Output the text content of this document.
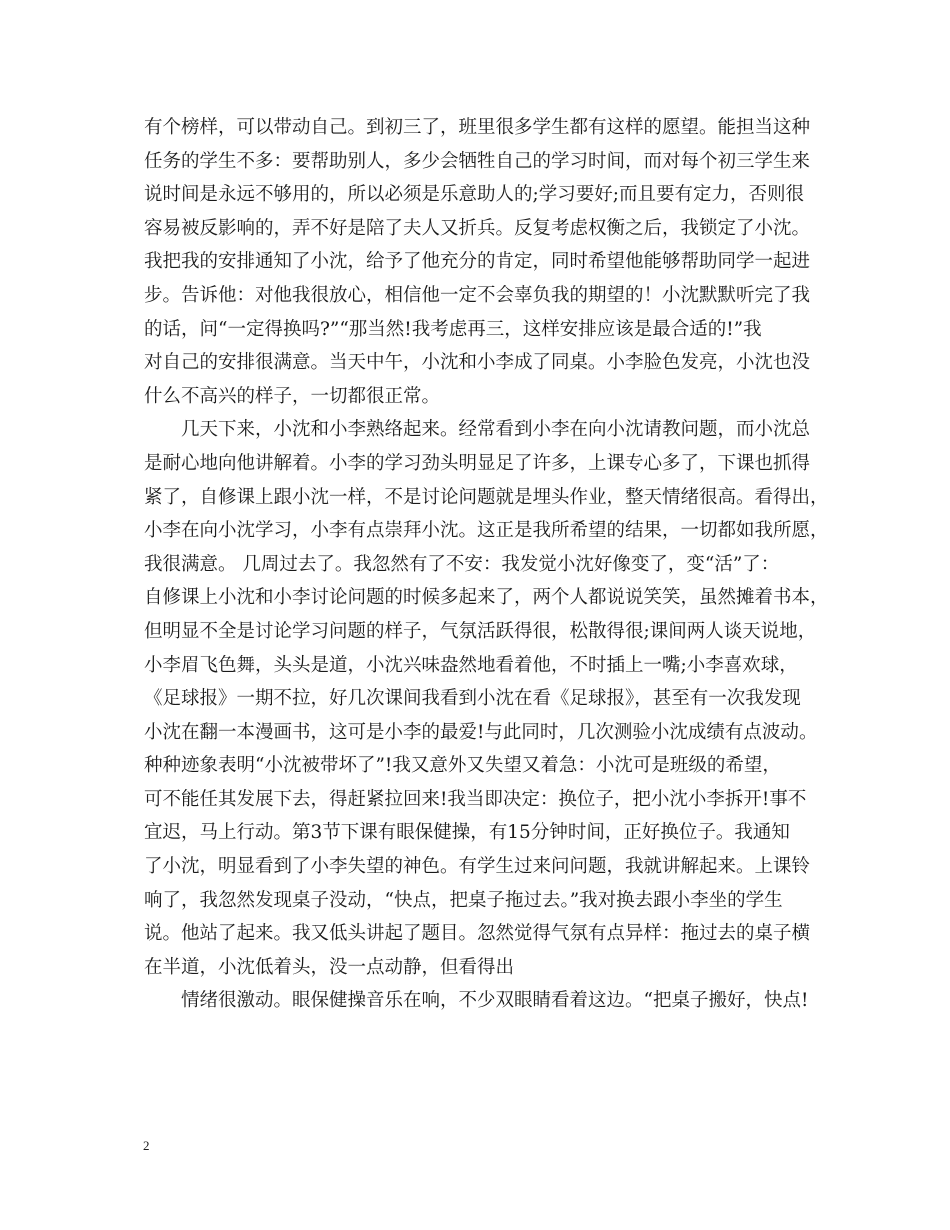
有个榜样，可以带动自己。到初三了，班里很多学生都有这样的愿望。能担当这种
任务的学生不多：要帮助别人，多少会牺牲自己的学习时间，而对每个初三学生来
说时间是永远不够用的，所以必须是乐意助人的;学习要好;而且要有定力，否则很
容易被反影响的，弄不好是陪了夫人又折兵。反复考虑权衡之后，我锁定了小沈。
我把我的安排通知了小沈，给予了他充分的肯定，同时希望他能够帮助同学一起进
步。告诉他：对他我很放心，相信他一定不会辜负我的期望的！小沈默默听完了我
的话，问“一定得换吗?”“那当然!我考虑再三，这样安排应该是最合适的!”我
对自己的安排很满意。当天中午，小沈和小李成了同桌。小李脸色发亮，小沈也没
什么不高兴的样子，一切都很正常。
几天下来，小沈和小李熟络起来。经常看到小李在向小沈请教问题，而小沈总
是耐心地向他讲解着。小李的学习劲头明显足了许多，上课专心多了，下课也抓得
紧了，自修课上跟小沈一样，不是讨论问题就是埋头作业，整天情绪很高。看得出，
小李在向小沈学习，小李有点崇拜小沈。这正是我所希望的结果，一切都如我所愿，
我很满意。 几周过去了。我忽然有了不安：我发觉小沈好像变了，变“活”了：
自修课上小沈和小李讨论问题的时候多起来了，两个人都说说笑笑，虽然摊着书本，
但明显不全是讨论学习问题的样子，气氛活跃得很，松散得很;课间两人谈天说地，
小李眉飞色舞，头头是道，小沈兴味盎然地看着他，不时插上一嘴;小李喜欢球，
《足球报》一期不拉，好几次课间我看到小沈在看《足球报》，甚至有一次我发现
小沈在翻一本漫画书，这可是小李的最爱!与此同时，几次测验小沈成绩有点波动。
种种迹象表明“小沈被带坏了”!我又意外又失望又着急：小沈可是班级的希望，
可不能任其发展下去，得赶紧拉回来!我当即决定：换位子，把小沈小李拆开!事不
宜迟，马上行动。第3节下课有眼保健操，有15分钟时间，正好换位子。我通知
了小沈，明显看到了小李失望的神色。有学生过来问问题，我就讲解起来。上课铃
响了，我忽然发现桌子没动，“快点，把桌子拖过去。”我对换去跟小李坐的学生
说。他站了起来。我又低头讲起了题目。忽然觉得气氛有点异样：拖过去的桌子横
在半道，小沈低着头，没一点动静，但看得出
情绪很激动。眼保健操音乐在响，不少双眼睛看着这边。“把桌子搬好，快点!
2
